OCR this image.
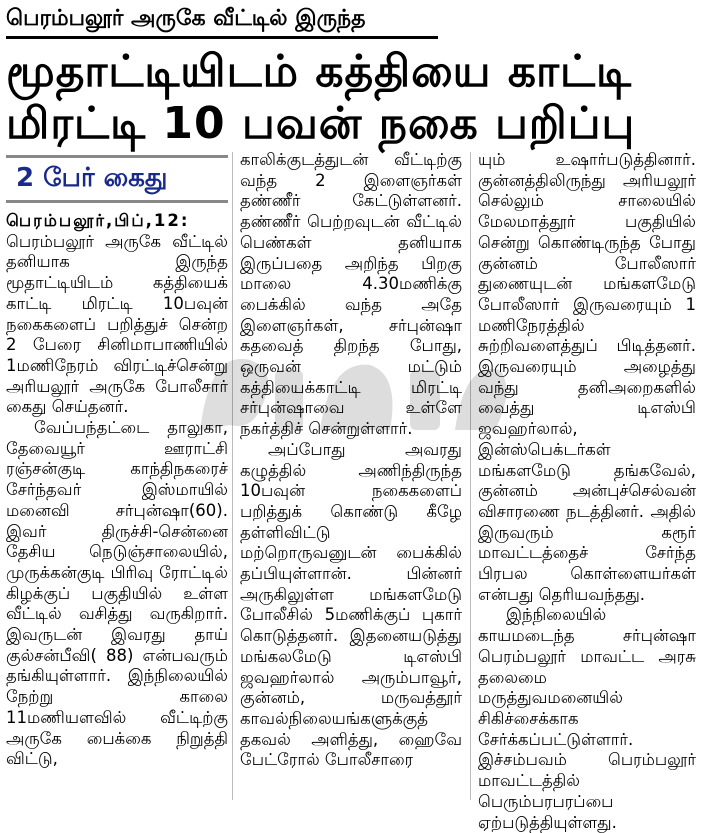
பெரம்பலூர் அருகே வீட்டில் இருந்த
மூதாட்டியிடம் கத்தியை காட்டி
மிரட்டி 10 பவன் நகை பறிப்பு
2 பேர் கைது

பெரம்பலூர்,பிப்,12:

பெரம்பலூர் அருகே வீட்டில் தனியாக இருந்த மூதாட்டியிடம் கத்தியைக் காட்டி மிரட்டி 10பவுன் நகைகளைப் பறித்துச் சென்ற 2 பேரை சினிமாபாணியில் 1மணிநேரம் விரட்டிச்சென்று அரியலூர் அருகே போலீசார் கைது செய்தனர்.

வேப்பந்தட்டை தாலுகா, தேவையூர் ஊராட்சி ரஞ்சன்குடி காந்திநகரைச் சேர்ந்தவர் இஸ்மாயில் மனைவி சர்புன்ஷா(60). இவர் திருச்சி-சென்னை தேசிய நெடுஞ்சாலையில், முருக்கன்குடி பிரிவு ரோட்டில் கிழக்குப் பகுதியில் உள்ள வீட்டில் வசித்து வருகிறார். இவருடன் இவரது தாய் குல்சன்பீவி( 88) என்பவரும் தங்கியுள்ளார். இந்நிலையில் நேற்று காலை 11மணியளவில் வீட்டிற்கு அருகே பைக்கை நிறுத்தி விட்டு,

காலிக்குடத்துடன் வீட்டிற்கு வந்த 2 இளைஞர்கள் தண்ணீர் கேட்டுள்ளனர். தண்ணீர் பெற்றவுடன் வீட்டில் பெண்கள் தனியாக இருப்பதை அறிந்த பிறகு மாலை 4.30மணிக்கு பைக்கில் வந்த அதே இளைஞர்கள், சர்புன்ஷா கதவைத் திறந்த போது, ஒருவன் மட்டும் கத்தியைக்காட்டி மிரட்டி சர்புன்ஷாவை உள்ளே நகர்த்திச் சென்றுள்ளார்.

அப்போது அவரது கழுத்தில் அணிந்திருந்த 10பவுன் நகைகளைப் பறித்துக் கொண்டு கீழே தள்ளிவிட்டு மற்றொருவனுடன் பைக்கில் தப்பியுள்ளான். பின்னர் அருகிலுள்ள மங்களமேடு போலீசில் 5மணிக்குப் புகார் கொடுத்தனர். இதனையடுத்து மங்கலமேடு டிஎஸ்பி ஜவஹர்லால் அரும்பாவூர், குன்னம், மருவத்தூர் காவல்நிலையங்களுக்குத் தகவல் அளித்து, ஹைவே பேட்ரோல் போலீசாரை

யும் உஷார்படுத்தினார். குன்னத்திலிருந்து அரியலூர் செல்லும் சாலையில் மேலமாத்தூர் பகுதியில் சென்று கொண்டிருந்த போது குன்னம் போலீஸார் துணையுடன் மங்களமேடு போலீஸார் இருவரையும் 1 மணிநேரத்தில் சுற்றிவளைத்துப் பிடித்தனர். இருவரையும் அழைத்து வந்து தனிஅறைகளில் வைத்து டிஎஸ்பி ஜவஹர்லால், இன்ஸ்பெக்டர்கள் மங்களமேடு தங்கவேல், குன்னம் அன்புச்செல்வன் விசாரணை நடத்தினர். அதில் இருவரும் கரூர் மாவட்டத்தைச் சேர்ந்த பிரபல கொள்ளையர்கள் என்பது தெரியவந்தது.

இந்நிலையில் காயமடைந்த சர்புன்ஷா பெரம்பலூர் மாவட்ட அரசு தலைமை மருத்துவமனையில் சிகிச்சைக்காக சேர்க்கப்பட்டுள்ளார். இச்சம்பவம் பெரம்பலூர் மாவட்டத்தில் பெரும்பரபரப்பை ஏற்படுத்தியுள்ளது.
